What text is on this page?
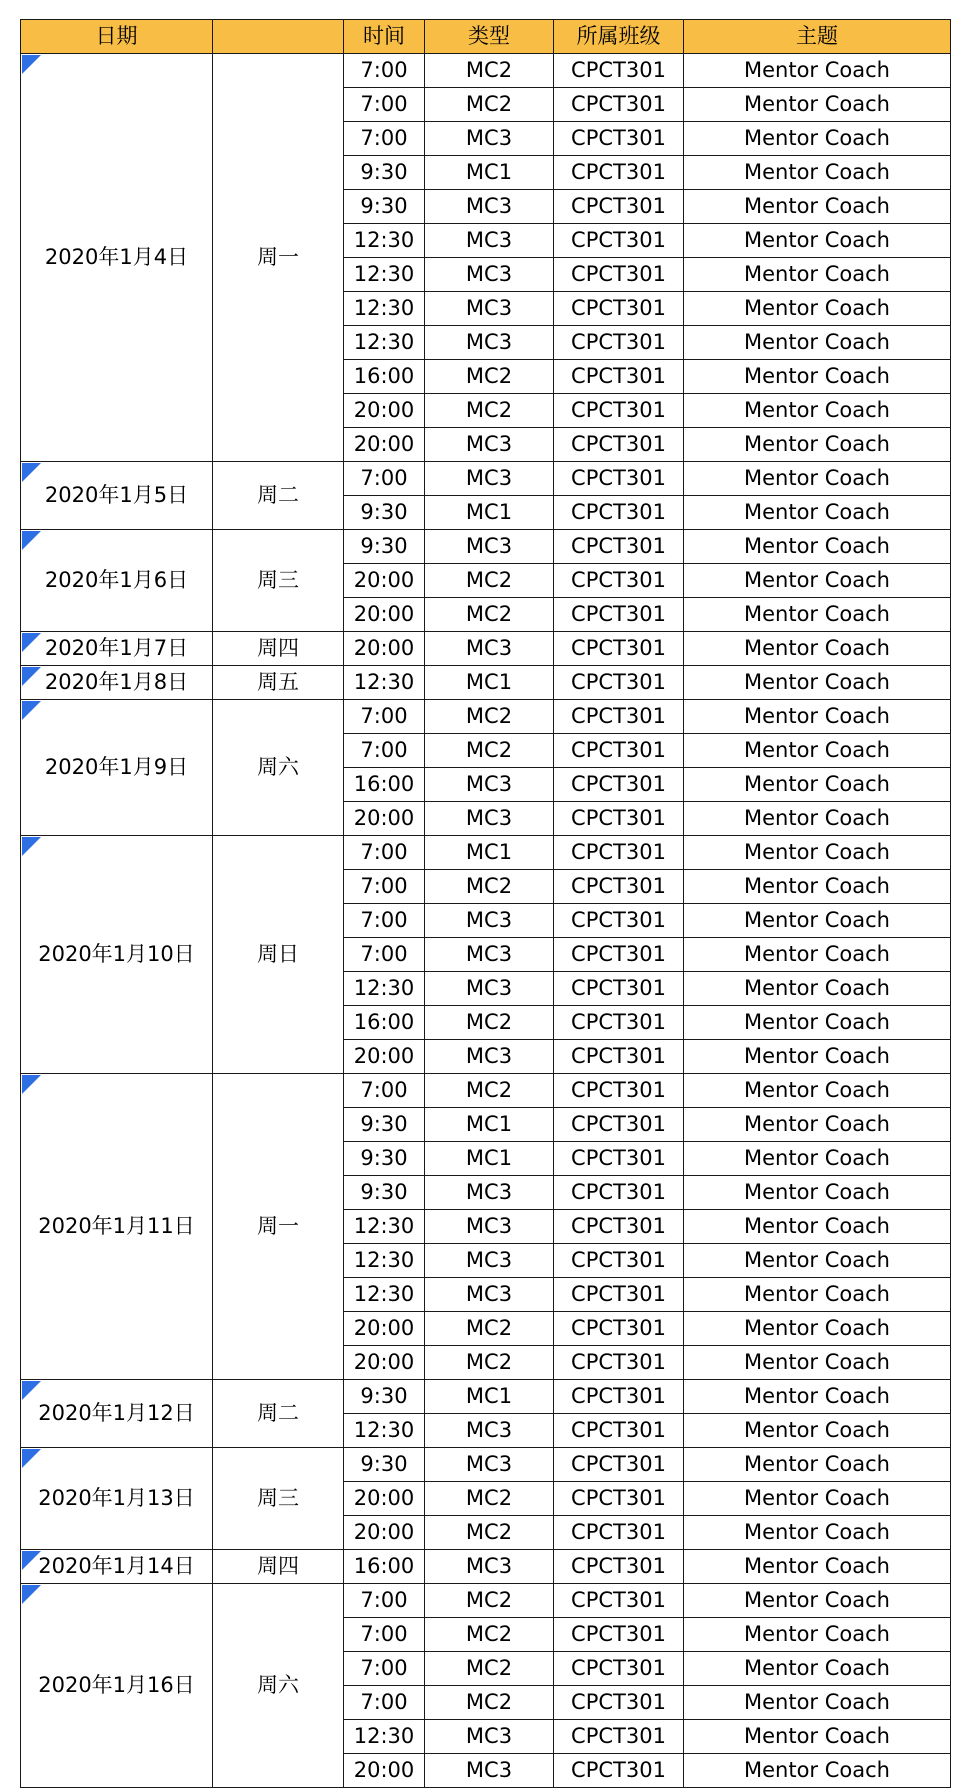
日期		时间	类型	所属班级	主题

2020年1月4日	周一	7:00	MC2	CPCT301	Mentor Coach
		7:00	MC2	CPCT301	Mentor Coach
		7:00	MC3	CPCT301	Mentor Coach
		9:30	MC1	CPCT301	Mentor Coach
		9:30	MC3	CPCT301	Mentor Coach
		12:30	MC3	CPCT301	Mentor Coach
		12:30	MC3	CPCT301	Mentor Coach
		12:30	MC3	CPCT301	Mentor Coach
		12:30	MC3	CPCT301	Mentor Coach
		16:00	MC2	CPCT301	Mentor Coach
		20:00	MC2	CPCT301	Mentor Coach
		20:00	MC3	CPCT301	Mentor Coach

2020年1月5日	周二	7:00	MC3	CPCT301	Mentor Coach
		9:30	MC1	CPCT301	Mentor Coach

2020年1月6日	周三	9:30	MC3	CPCT301	Mentor Coach
		20:00	MC2	CPCT301	Mentor Coach
		20:00	MC2	CPCT301	Mentor Coach

2020年1月7日	周四	20:00	MC3	CPCT301	Mentor Coach

2020年1月8日	周五	12:30	MC1	CPCT301	Mentor Coach

2020年1月9日	周六	7:00	MC2	CPCT301	Mentor Coach
		7:00	MC2	CPCT301	Mentor Coach
		16:00	MC3	CPCT301	Mentor Coach
		20:00	MC3	CPCT301	Mentor Coach

2020年1月10日	周日	7:00	MC1	CPCT301	Mentor Coach
		7:00	MC2	CPCT301	Mentor Coach
		7:00	MC3	CPCT301	Mentor Coach
		7:00	MC3	CPCT301	Mentor Coach
		12:30	MC3	CPCT301	Mentor Coach
		16:00	MC2	CPCT301	Mentor Coach
		20:00	MC3	CPCT301	Mentor Coach

2020年1月11日	周一	7:00	MC2	CPCT301	Mentor Coach
		9:30	MC1	CPCT301	Mentor Coach
		9:30	MC1	CPCT301	Mentor Coach
		9:30	MC3	CPCT301	Mentor Coach
		12:30	MC3	CPCT301	Mentor Coach
		12:30	MC3	CPCT301	Mentor Coach
		12:30	MC3	CPCT301	Mentor Coach
		20:00	MC2	CPCT301	Mentor Coach
		20:00	MC2	CPCT301	Mentor Coach

2020年1月12日	周二	9:30	MC1	CPCT301	Mentor Coach
		12:30	MC3	CPCT301	Mentor Coach

2020年1月13日	周三	9:30	MC3	CPCT301	Mentor Coach
		20:00	MC2	CPCT301	Mentor Coach
		20:00	MC2	CPCT301	Mentor Coach

2020年1月14日	周四	16:00	MC3	CPCT301	Mentor Coach

2020年1月16日	周六	7:00	MC2	CPCT301	Mentor Coach
		7:00	MC2	CPCT301	Mentor Coach
		7:00	MC2	CPCT301	Mentor Coach
		7:00	MC2	CPCT301	Mentor Coach
		12:30	MC3	CPCT301	Mentor Coach
		20:00	MC3	CPCT301	Mentor Coach
